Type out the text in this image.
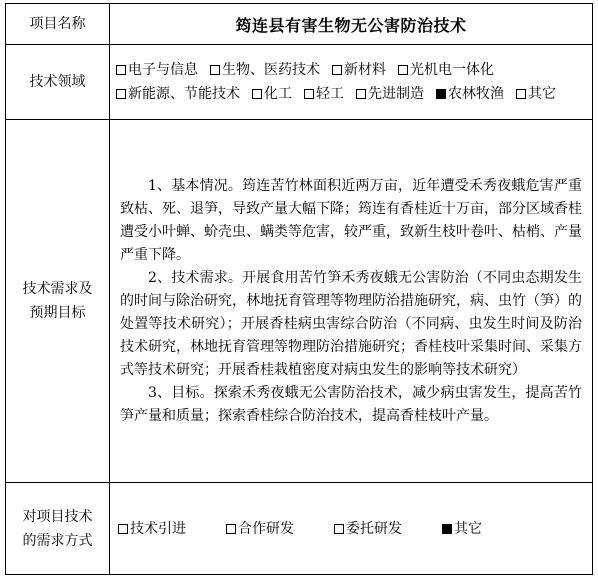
项目名称	筠连县有害生物无公害防治技术
技术领域	电子与信息 生物、医药技术 新材料 光机电一体化新能源、节能技术 化工 轻工 先进制造 农林牧渔 其它

技术需求及预期目标	1、基本情况。筠连苦竹林面积近两万亩，近年遭受禾秀夜蛾危害严重致枯、死、退笋，导致产量大幅下降；筠连有香桂近十万亩，部分区域香桂遭受小叶蝉、蚧壳虫、螨类等危害，较严重，致新生枝叶卷叶、枯梢、产量严重下降。

2、技术需求。开展食用苦竹笋禾秀夜蛾无公害防治（不同虫态期发生的时间与除治研究，林地抚育管理等物理防治措施研究，病、虫竹（笋）的处置等技术研究）；开展香桂病虫害综合防治（不同病、虫发生时间及防治技术研究，林地抚育管理等物理防治措施研究；香桂枝叶采集时间、采集方式等技术研究；开展香桂栽植密度对病虫发生的影响等技术研究）

3、目标。探索禾秀夜蛾无公害防治技术，减少病虫害发生，提高苦竹笋产量和质量；探索香桂综合防治技术，提高香桂枝叶产量。

对项目技术的需求方式	技术引进 合作研发 委托研发 其它
